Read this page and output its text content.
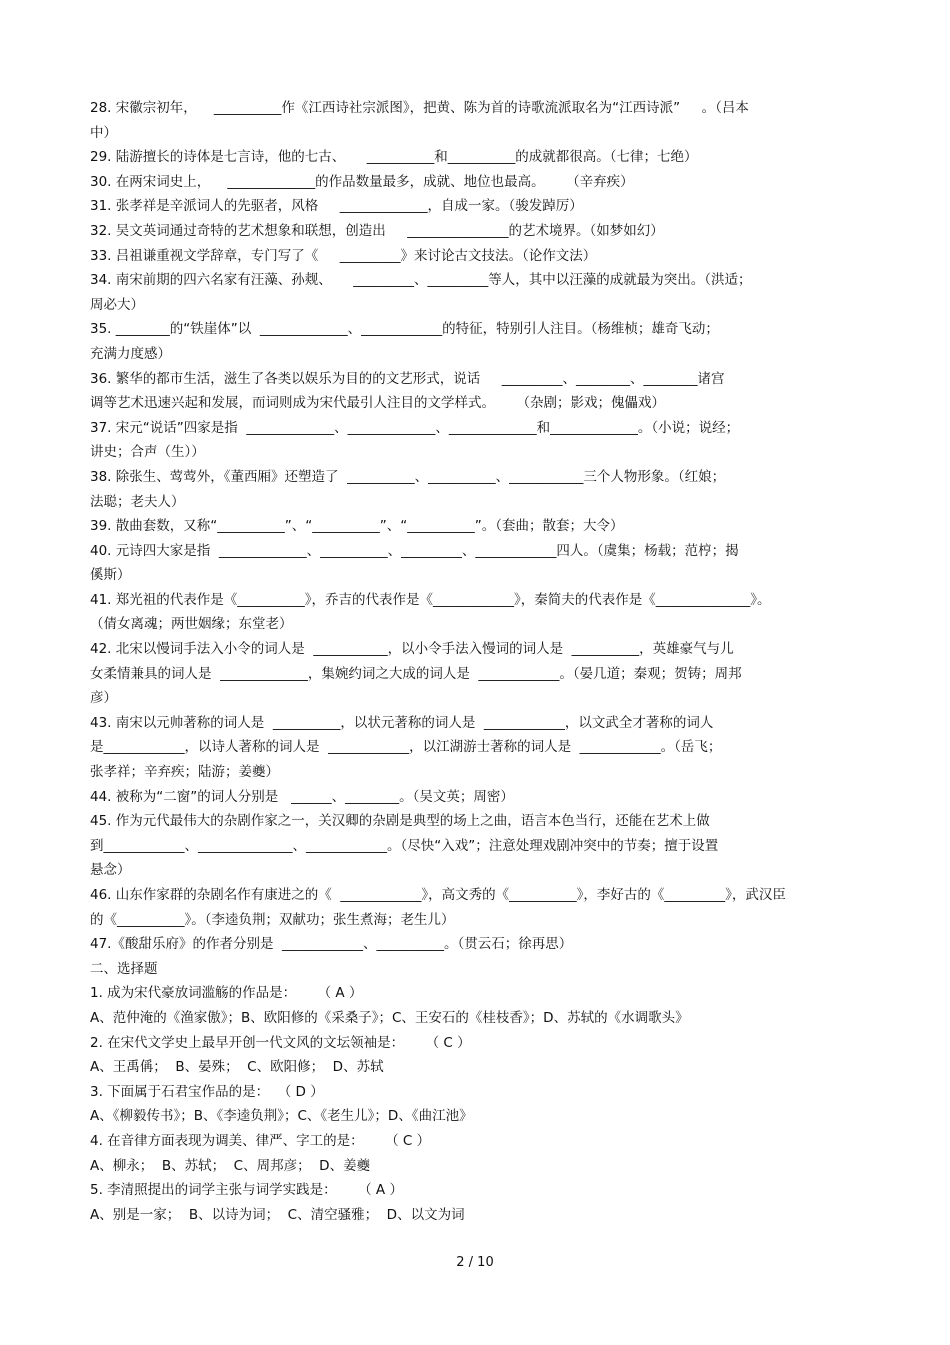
28. 宋徽宗初年，    __________作《江西诗社宗派图》，把黄、陈为首的诗歌流派取名为“江西诗派”     。（吕本
中）
29. 陆游擅长的诗体是七言诗，他的七古、     __________和__________的成就都很高。（七律；七绝）
30. 在两宋词史上，    _____________的作品数量最多，成就、地位也最高。     （辛弃疾）
31. 张孝祥是辛派词人的先驱者，风格     _____________，自成一家。（骏发踔厉）
32. 吴文英词通过奇特的艺术想象和联想，创造出     _______________的艺术境界。（如梦如幻）
33. 吕祖谦重视文学辞章，专门写了《     _________》来讨论古文技法。（论作文法）
34. 南宋前期的四六名家有汪藻、孙觌、     _________、_________等人，其中以汪藻的成就最为突出。（洪适；
周必大）
35. ________的“铁崖体”以  _____________、____________的特征，特别引人注目。（杨维桢；雄奇飞动；
充满力度感）
36. 繁华的都市生活，滋生了各类以娱乐为目的的文艺形式，说话     _________、________、________诸宫
调等艺术迅速兴起和发展，而词则成为宋代最引人注目的文学样式。     （杂剧；影戏；傀儡戏）
37. 宋元“说话”四家是指  _____________、_____________、_____________和_____________。（小说；说经；
讲史；合声（生））
38. 除张生、莺莺外，《董西厢》还塑造了  __________、__________、___________三个人物形象。（红娘；
法聪；老夫人）
39. 散曲套数，又称“__________”、“__________”、“__________”。（套曲；散套；大令）
40. 元诗四大家是指  _____________、__________、_________、____________四人。（虞集；杨载；范梈；揭
傒斯）
41. 郑光祖的代表作是《__________》，乔吉的代表作是《____________》，秦简夫的代表作是《______________》。
（倩女离魂；两世姻缘；东堂老）
42. 北宋以慢词手法入小令的词人是  ___________，以小令手法入慢词的词人是  __________，英雄豪气与儿
女柔情兼具的词人是  _____________，集婉约词之大成的词人是  ____________。（晏几道；秦观；贺铸；周邦
彦）
43. 南宋以元帅著称的词人是  __________，以状元著称的词人是  ____________，以文武全才著称的词人
是____________，以诗人著称的词人是  ____________，以江湖游士著称的词人是  ____________。（岳飞；
张孝祥；辛弃疾；陆游；姜夔）
44. 被称为“二窗”的词人分别是   ______、________。（吴文英；周密）
45. 作为元代最伟大的杂剧作家之一，关汉卿的杂剧是典型的场上之曲，语言本色当行，还能在艺术上做
到____________、______________、____________。（尽快“入戏”；注意处理戏剧冲突中的节奏；擅于设置
悬念）
46. 山东作家群的杂剧名作有康进之的《  ____________》，高文秀的《__________》，李好古的《_________》，武汉臣
的《__________》。（李逵负荆；双献功；张生煮海；老生儿）
47.《酸甜乐府》的作者分别是  ____________、__________。（贯云石；徐再思）
二、选择题
1. 成为宋代豪放词滥觞的作品是：     （ A ）
A、范仲淹的《渔家傲》；B、欧阳修的《采桑子》；C、王安石的《桂枝香》；D、苏轼的《水调歌头》
2. 在宋代文学史上最早开创一代文风的文坛领袖是：     （ C ）
A、王禹偁；  B、晏殊；  C、欧阳修；  D、苏轼
3. 下面属于石君宝作品的是：  （ D ）
A、《柳毅传书》；B、《李逵负荆》；C、《老生儿》；D、《曲江池》
4. 在音律方面表现为调美、律严、字工的是：     （ C ）
A、柳永；  B、苏轼；  C、周邦彦；  D、姜夔
5. 李清照提出的词学主张与词学实践是：     （ A ）
A、别是一家；  B、以诗为词；  C、清空骚雅；  D、以文为词
2 / 10
